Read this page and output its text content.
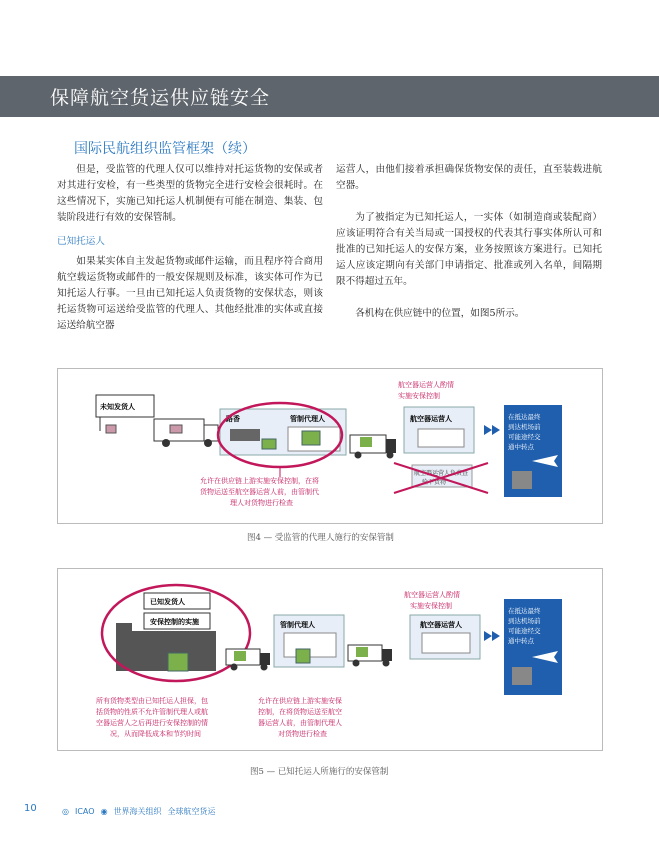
保障航空货运供应链安全
国际民航组织监管框架（续）

但是，受监管的代理人仅可以维持对托运货物的安保或者对其进行安检，有一些类型的货物完全进行安检会很耗时。在这些情况下，实施已知托运人机制便有可能在制造、集装、包装阶段进行有效的安保管制。

已知托运人

如果某实体自主发起货物或邮件运输，而且程序符合商用航空载运货物或邮件的一般安保规则及标准，该实体可作为已知托运人行事。一旦由已知托运人负责货物的安保状态，则该托运货物可运送给受监管的代理人、其他经批准的实体或直接运送给航空器

运营人，由他们接着承担确保货物安保的责任，直至装载进航空器。

为了被指定为已知托运人，一实体（如制造商或装配商）应该证明符合有关当局或一国授权的代表其行事实体所认可和批准的已知托运人的安保方案，业务按照该方案进行。已知托运人应该定期向有关部门申请指定、批准或列入名单，间隔期限不得超过五年。

各机构在供应链中的位置，如图5所示。

未知发货人
路香	管制代理人
允许在供应链上游实施安保控制，在将
货物运送至航空器运营人前，由管制代
理人对货物进行检查
航空器运营人酌情
实施安保控制
航空器运营人
航空器运营人负责查
验下货物
在抵达最终
到达机场前
可能途经交
通中转点
图4 — 受监管的代理人施行的安保管制
已知发货人
安保控制的实施	管制代理人
航空器运营人酌情
实施安保控制
航空器运营人
在抵达最终
到达机场前
可能途经交
通中转点
所有货物类型由已知托运人担保，包
括货物的性质不允许管制代理人或航
空器运营人之后再进行安保控制的情
况，从而降低成本和节约时间
允许在供应链上游实施安保
控制，在将货物运送至航空
器运营人前，由管制代理人
对货物进行检查
图5 — 已知托运人所施行的安保管制
10	◎ ICAO ◉ 世界海关组织 全球航空货运
